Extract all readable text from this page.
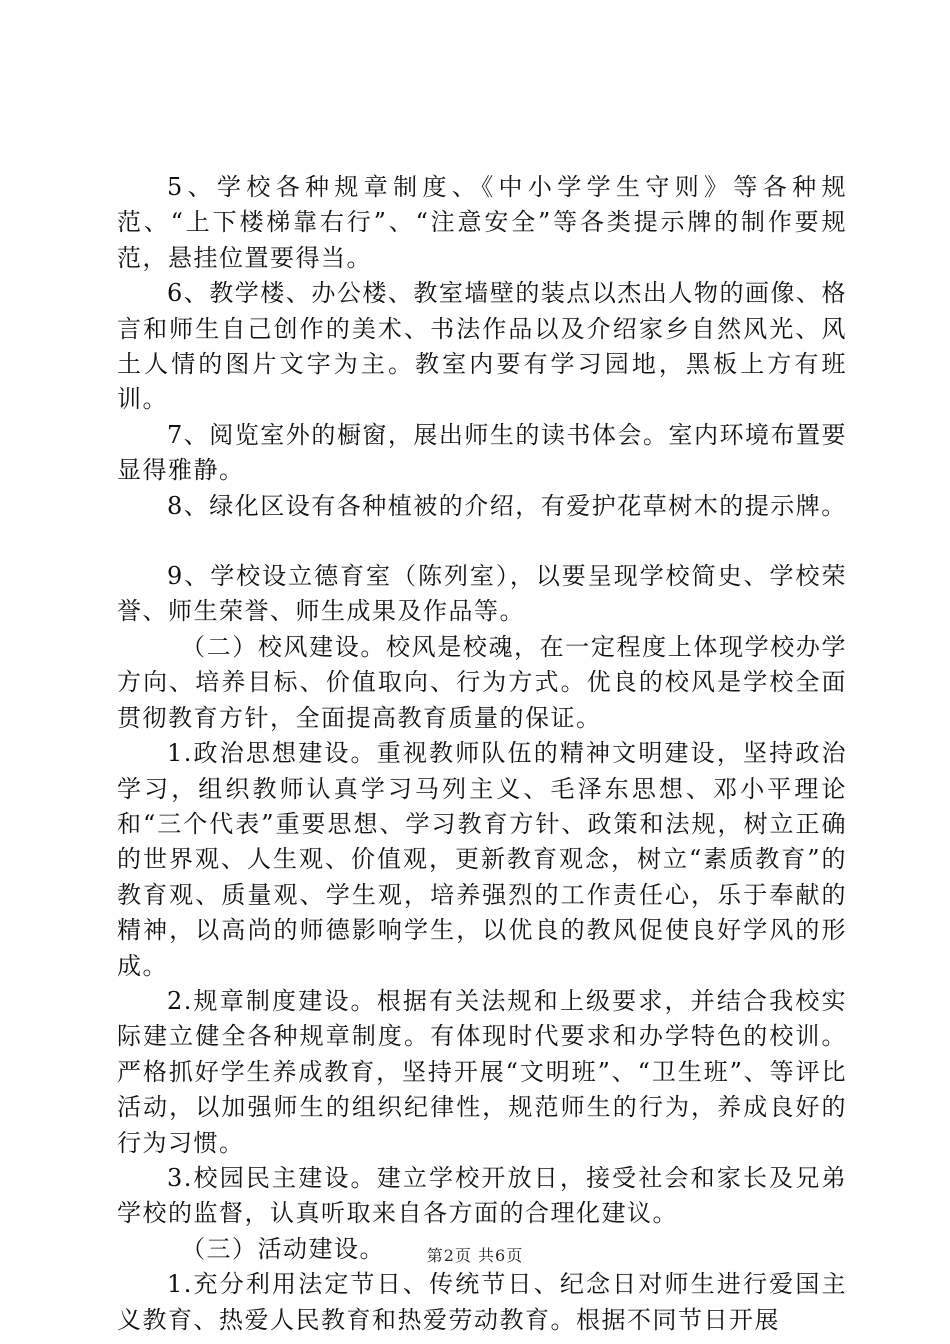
5、学校各种规章制度、《中小学学生守则》等各种规范、“上下楼梯靠右行”、“注意安全”等各类提示牌的制作要规范，悬挂位置要得当。

6、教学楼、办公楼、教室墙壁的装点以杰出人物的画像、格言和师生自己创作的美术、书法作品以及介绍家乡自然风光、风土人情的图片文字为主。教室内要有学习园地，黑板上方有班训。

7、阅览室外的橱窗，展出师生的读书体会。室内环境布置要显得雅静。

8、绿化区设有各种植被的介绍，有爱护花草树木的提示牌。

9、学校设立德育室（陈列室），以要呈现学校简史、学校荣誉、师生荣誉、师生成果及作品等。

（二）校风建设。校风是校魂，在一定程度上体现学校办学方向、培养目标、价值取向、行为方式。优良的校风是学校全面贯彻教育方针，全面提高教育质量的保证。

1.政治思想建设。重视教师队伍的精神文明建设，坚持政治学习，组织教师认真学习马列主义、毛泽东思想、邓小平理论和“三个代表”重要思想、学习教育方针、政策和法规，树立正确的世界观、人生观、价值观，更新教育观念，树立“素质教育”的教育观、质量观、学生观，培养强烈的工作责任心，乐于奉献的精神，以高尚的师德影响学生，以优良的教风促使良好学风的形成。

2.规章制度建设。根据有关法规和上级要求，并结合我校实际建立健全各种规章制度。有体现时代要求和办学特色的校训。严格抓好学生养成教育，坚持开展“文明班”、“卫生班”、等评比活动，以加强师生的组织纪律性，规范师生的行为，养成良好的行为习惯。

3.校园民主建设。建立学校开放日，接受社会和家长及兄弟学校的监督，认真听取来自各方面的合理化建议。

（三）活动建设。

1.充分利用法定节日、传统节日、纪念日对师生进行爱国主义教育、热爱人民教育和热爱劳动教育。根据不同节日开展

第2页 共6页
